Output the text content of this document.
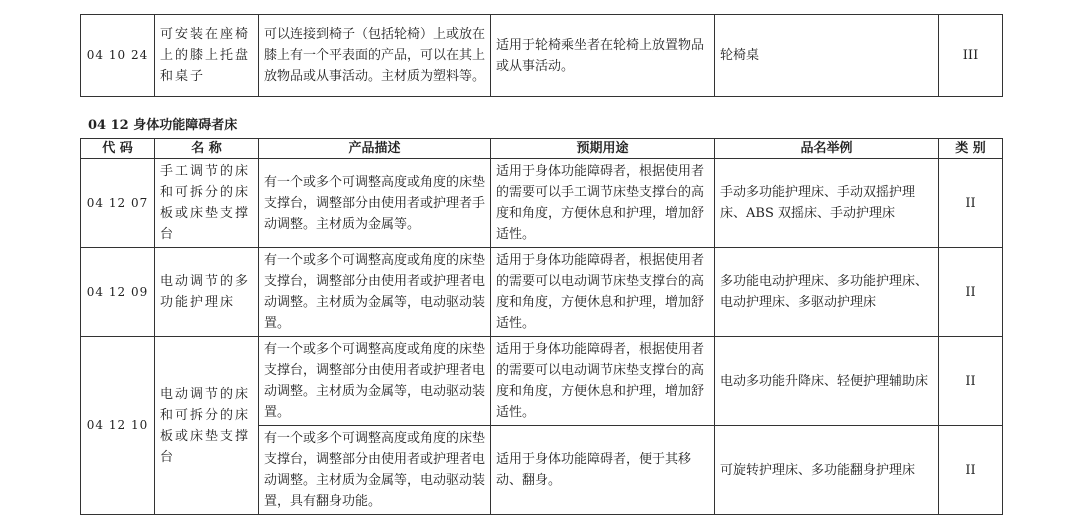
04 10 24	可安装在座椅上的膝上托盘和桌子	可以连接到椅子（包括轮椅）上或放在膝上有一个平表面的产品，可以在其上放物品或从事活动。主材质为塑料等。	适用于轮椅乘坐者在轮椅上放置物品或从事活动。	轮椅桌	III
04 12 身体功能障碍者床
代 码	名 称	产品描述	预期用途	品名举例	类 别
04 12 07	手工调节的床和可拆分的床板或床垫支撑台	有一个或多个可调整高度或角度的床垫支撑台，调整部分由使用者或护理者手动调整。主材质为金属等。	适用于身体功能障碍者，根据使用者的需要可以手工调节床垫支撑台的高度和角度，方便休息和护理，增加舒适性。	手动多功能护理床、手动双摇护理床、ABS 双摇床、手动护理床	II
04 12 09	电动调节的多功能护理床	有一个或多个可调整高度或角度的床垫支撑台，调整部分由使用者或护理者电动调整。主材质为金属等，电动驱动装置。	适用于身体功能障碍者，根据使用者的需要可以电动调节床垫支撑台的高度和角度，方便休息和护理，增加舒适性。	多功能电动护理床、多功能护理床、电动护理床、多驱动护理床	II
04 12 10	电动调节的床和可拆分的床板或床垫支撑台	有一个或多个可调整高度或角度的床垫支撑台，调整部分由使用者或护理者电动调整。主材质为金属等，电动驱动装置。	适用于身体功能障碍者，根据使用者的需要可以电动调节床垫支撑台的高度和角度，方便休息和护理，增加舒适性。	电动多功能升降床、轻便护理辅助床	II
		有一个或多个可调整高度或角度的床垫支撑台，调整部分由使用者或护理者电动调整。主材质为金属等，电动驱动装置，具有翻身功能。	适用于身体功能障碍者，便于其移动、翻身。	可旋转护理床、多功能翻身护理床	II
